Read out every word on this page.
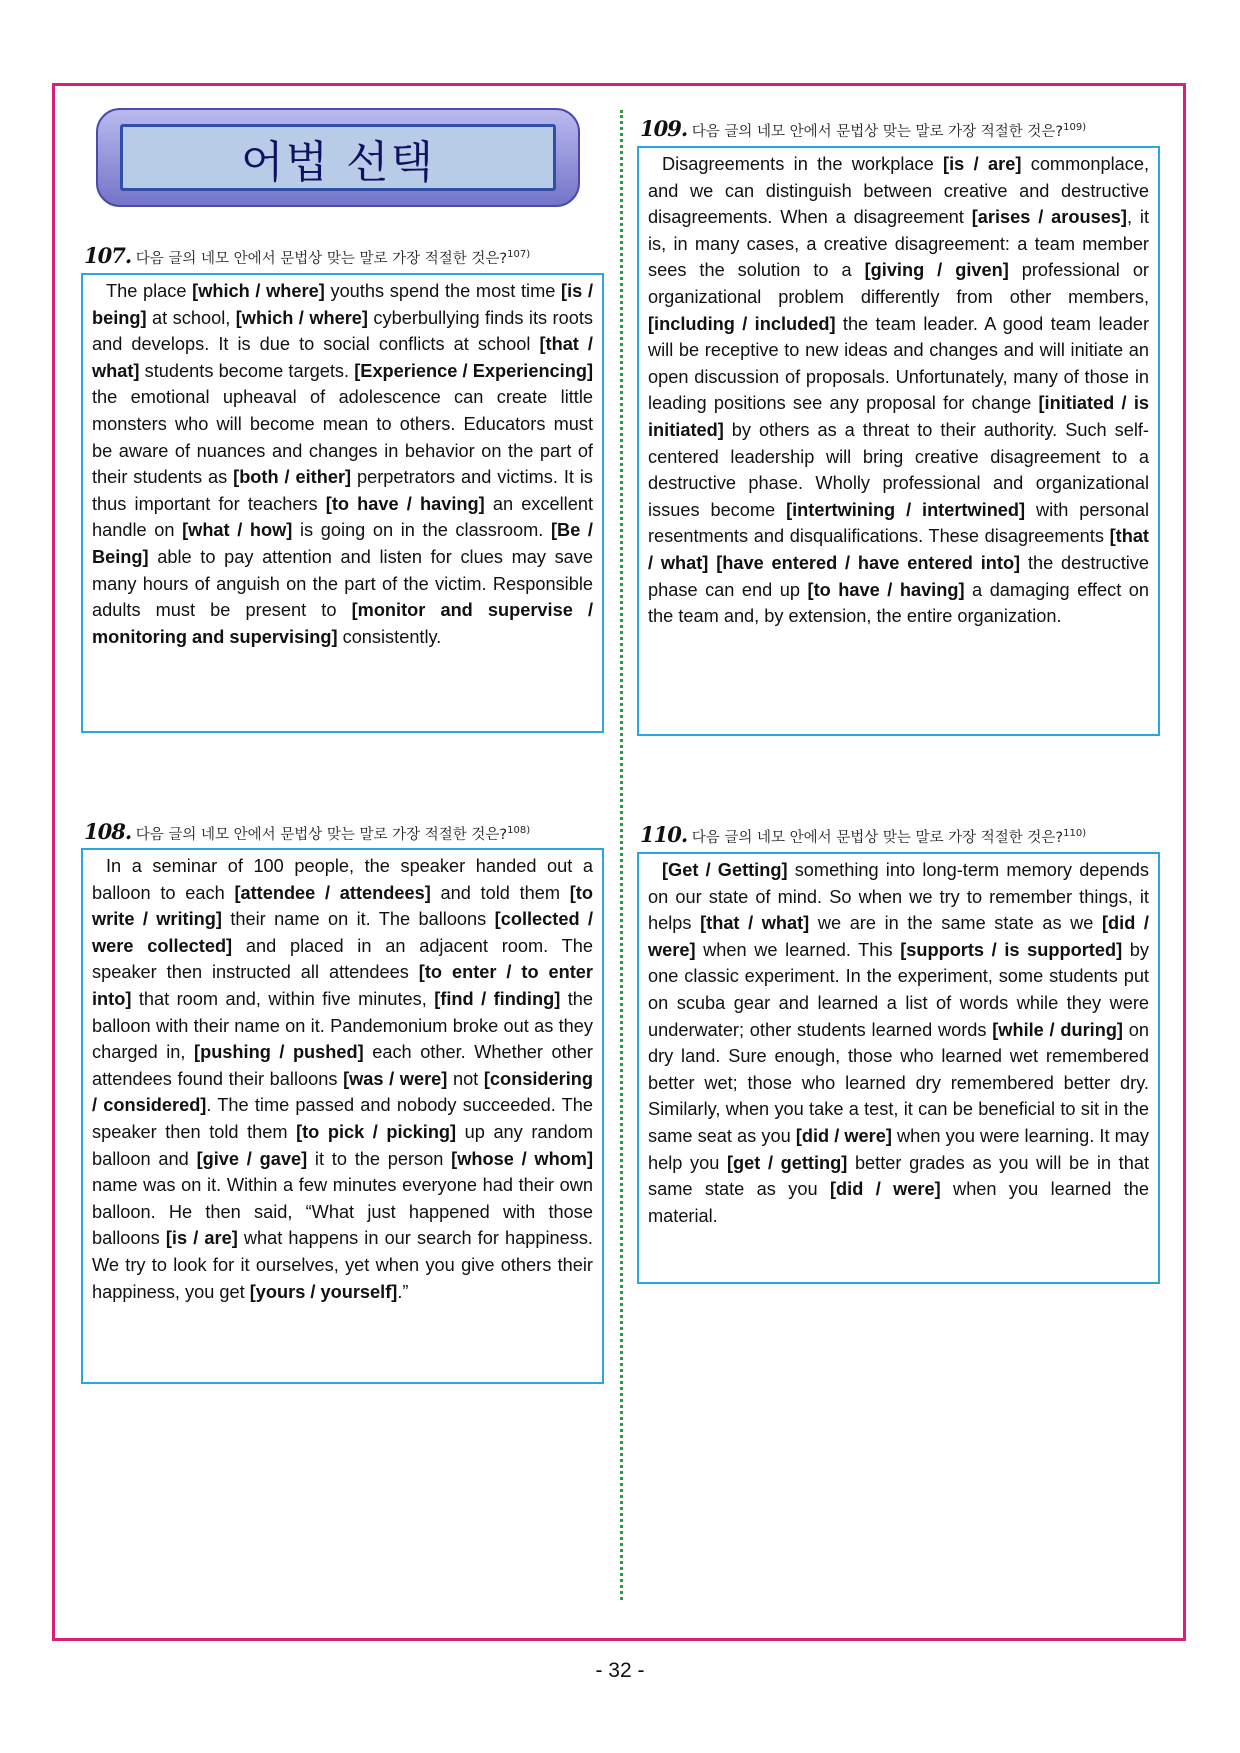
어법 선택
107. 다음 글의 네모 안에서 문법상 맞는 말로 가장 적절한 것은?$^{107)}$

The place [which / where] youths spend the most time [is / being] at school, [which / where] cyberbullying finds its roots and develops. It is due to social conflicts at school [that / what] students become targets. [Experience / Experiencing] the emotional upheaval of adolescence can create little monsters who will become mean to others. Educators must be aware of nuances and changes in behavior on the part of their students as [both / either] perpetrators and victims. It is thus important for teachers [to have / having] an excellent handle on [what / how] is going on in the classroom. [Be / Being] able to pay attention and listen for clues may save many hours of anguish on the part of the victim. Responsible adults must be present to [monitor and supervise / monitoring and supervising] consistently.

108. 다음 글의 네모 안에서 문법상 맞는 말로 가장 적절한 것은?$^{108)}$

In a seminar of 100 people, the speaker handed out a balloon to each [attendee / attendees] and told them [to write / writing] their name on it. The balloons [collected / were collected] and placed in an adjacent room. The speaker then instructed all attendees [to enter / to enter into] that room and, within five minutes, [find / finding] the balloon with their name on it. Pandemonium broke out as they charged in, [pushing / pushed] each other. Whether other attendees found their balloons [was / were] not [considering / considered]. The time passed and nobody succeeded. The speaker then told them [to pick / picking] up any random balloon and [give / gave] it to the person [whose / whom] name was on it. Within a few minutes everyone had their own balloon. He then said, “What just happened with those balloons [is / are] what happens in our search for happiness. We try to look for it ourselves, yet when you give others their happiness, you get [yours / yourself].”

109. 다음 글의 네모 안에서 문법상 맞는 말로 가장 적절한 것은?$^{109)}$

Disagreements in the workplace [is / are] commonplace, and we can distinguish between creative and destructive disagreements. When a disagreement [arises / arouses], it is, in many cases, a creative disagreement: a team member sees the solution to a [giving / given] professional or organizational problem differently from other members, [including / included] the team leader. A good team leader will be receptive to new ideas and changes and will initiate an open discussion of proposals. Unfortunately, many of those in leading positions see any proposal for change [initiated / is initiated] by others as a threat to their authority. Such self-centered leadership will bring creative disagreement to a destructive phase. Wholly professional and organizational issues become [intertwining / intertwined] with personal resentments and disqualifications. These disagreements [that / what] [have entered / have entered into] the destructive phase can end up [to have / having] a damaging effect on the team and, by extension, the entire organization.

110. 다음 글의 네모 안에서 문법상 맞는 말로 가장 적절한 것은?$^{110)}$

[Get / Getting] something into long-term memory depends on our state of mind. So when we try to remember things, it helps [that / what] we are in the same state as we [did / were] when we learned. This [supports / is supported] by one classic experiment. In the experiment, some students put on scuba gear and learned a list of words while they were underwater; other students learned words [while / during] on dry land. Sure enough, those who learned wet remembered better wet; those who learned dry remembered better dry. Similarly, when you take a test, it can be beneficial to sit in the same seat as you [did / were] when you were learning. It may help you [get / getting] better grades as you will be in that same state as you [did / were] when you learned the material.

- 32 -
